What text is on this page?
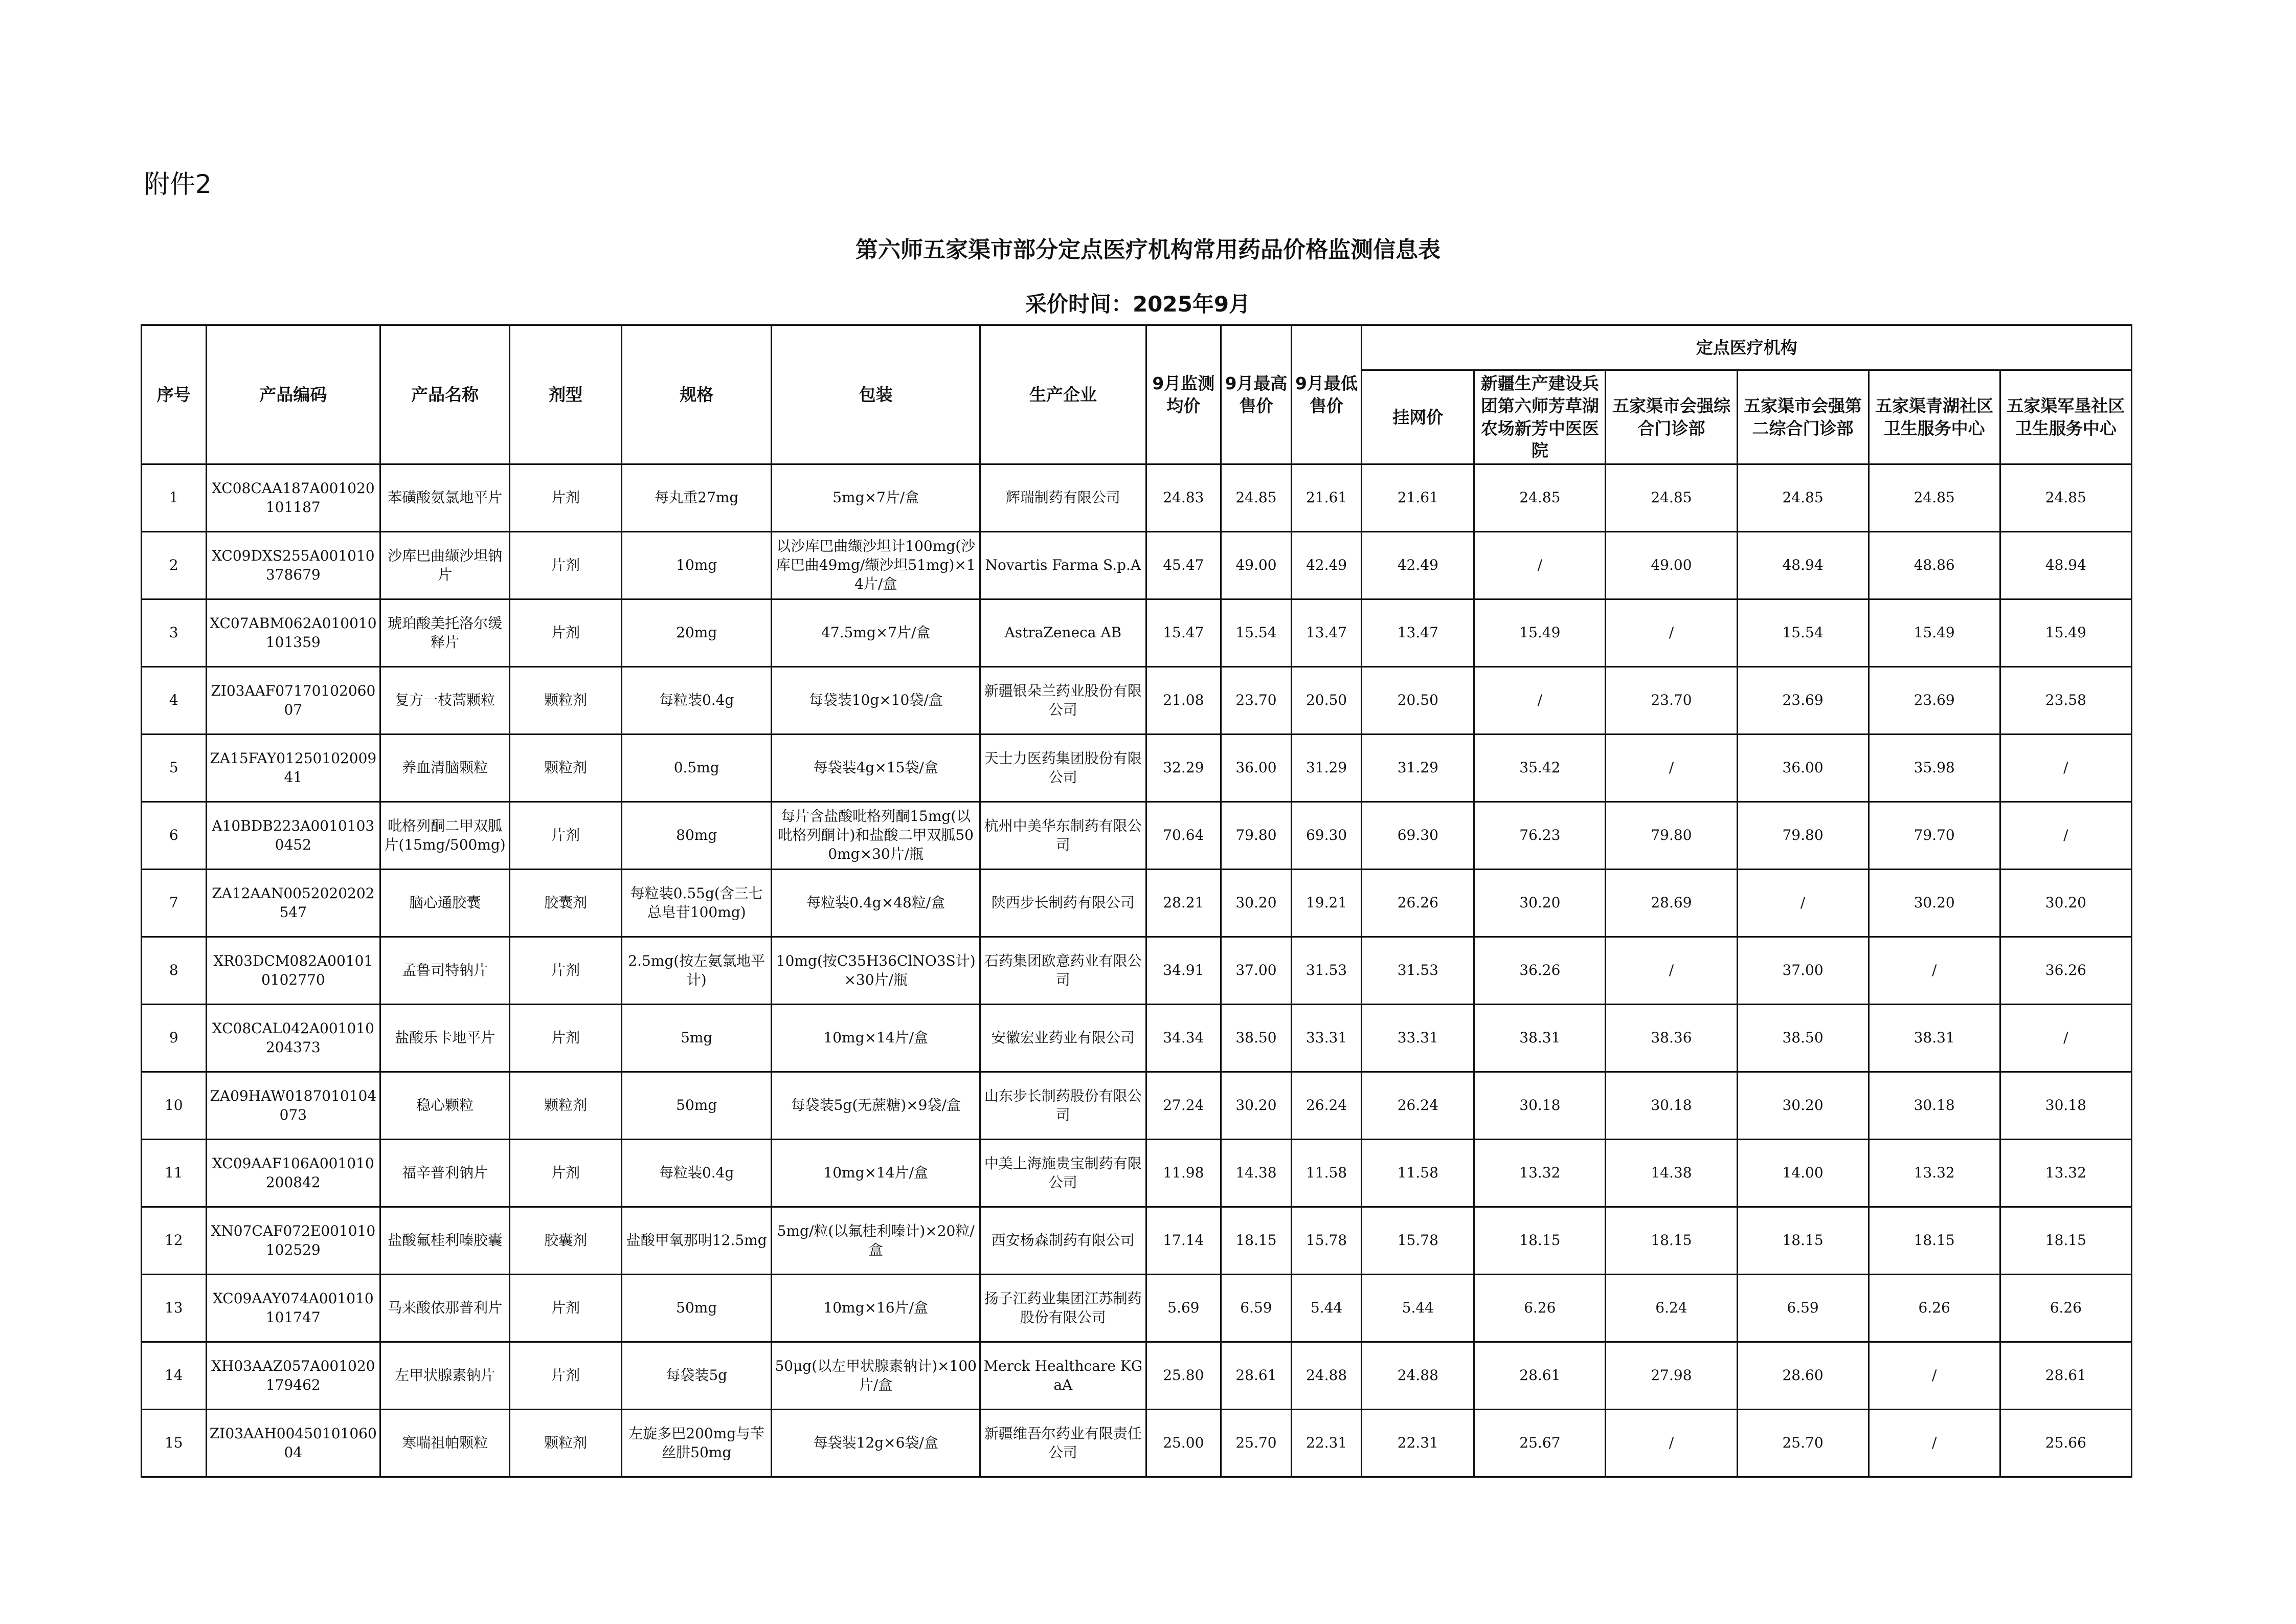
附件2
第六师五家渠市部分定点医疗机构常用药品价格监测信息表
采价时间：2025年9月
序号	产品编码	产品名称	剂型	规格	包装	生产企业	9月监测均价	9月最高售价	9月最低售价	定点医疗机构					
										挂网价	新疆生产建设兵团第六师芳草湖农场新芳中医医院	五家渠市会强综合门诊部	五家渠市会强第二综合门诊部	五家渠青湖社区卫生服务中心	五家渠军垦社区卫生服务中心
1	XC08CAA187A001020101187	苯磺酸氨氯地平片	片剂	每丸重27mg	5mg×7片/盒	辉瑞制药有限公司	24.83	24.85	21.61	21.61	24.85	24.85	24.85	24.85	24.85
2	XC09DXS255A001010378679	沙库巴曲缬沙坦钠片	片剂	10mg	以沙库巴曲缬沙坦计100mg(沙库巴曲49mg/缬沙坦51mg)×14片/盒	Novartis Farma S.p.A	45.47	49.00	42.49	42.49	/	49.00	48.94	48.86	48.94
3	XC07ABM062A010010101359	琥珀酸美托洛尔缓释片	片剂	20mg	47.5mg×7片/盒	AstraZeneca AB	15.47	15.54	13.47	13.47	15.49	/	15.54	15.49	15.49
4	ZI03AAF0717010206007	复方一枝蒿颗粒	颗粒剂	每粒装0.4g	每袋装10g×10袋/盒	新疆银朵兰药业股份有限公司	21.08	23.70	20.50	20.50	/	23.70	23.69	23.69	23.58
5	ZA15FAY0125010200941	养血清脑颗粒	颗粒剂	0.5mg	每袋装4g×15袋/盒	天士力医药集团股份有限公司	32.29	36.00	31.29	31.29	35.42	/	36.00	35.98	/
6	A10BDB223A00101030452	吡格列酮二甲双胍片(15mg/500mg)	片剂	80mg	每片含盐酸吡格列酮15mg(以吡格列酮计)和盐酸二甲双胍500mg×30片/瓶	杭州中美华东制药有限公司	70.64	79.80	69.30	69.30	76.23	79.80	79.80	79.70	/
7	ZA12AAN0052020202547	脑心通胶囊	胶囊剂	每粒装0.55g(含三七总皂苷100mg)	每粒装0.4g×48粒/盒	陕西步长制药有限公司	28.21	30.20	19.21	26.26	30.20	28.69	/	30.20	30.20
8	XR03DCM082A001010102770	孟鲁司特钠片	片剂	2.5mg(按左氨氯地平计)	10mg(按C35H36ClNO3S计)×30片/瓶	石药集团欧意药业有限公司	34.91	37.00	31.53	31.53	36.26	/	37.00	/	36.26
9	XC08CAL042A001010204373	盐酸乐卡地平片	片剂	5mg	10mg×14片/盒	安徽宏业药业有限公司	34.34	38.50	33.31	33.31	38.31	38.36	38.50	38.31	/
10	ZA09HAW0187010104073	稳心颗粒	颗粒剂	50mg	每袋装5g(无蔗糖)×9袋/盒	山东步长制药股份有限公司	27.24	30.20	26.24	26.24	30.18	30.18	30.20	30.18	30.18
11	XC09AAF106A001010200842	福辛普利钠片	片剂	每粒装0.4g	10mg×14片/盒	中美上海施贵宝制药有限公司	11.98	14.38	11.58	11.58	13.32	14.38	14.00	13.32	13.32
12	XN07CAF072E001010102529	盐酸氟桂利嗪胶囊	胶囊剂	盐酸甲氧那明12.5mg	5mg/粒(以氟桂利嗪计)×20粒/盒	西安杨森制药有限公司	17.14	18.15	15.78	15.78	18.15	18.15	18.15	18.15	18.15
13	XC09AAY074A001010101747	马来酸依那普利片	片剂	50mg	10mg×16片/盒	扬子江药业集团江苏制药股份有限公司	5.69	6.59	5.44	5.44	6.26	6.24	6.59	6.26	6.26
14	XH03AAZ057A001020179462	左甲状腺素钠片	片剂	每袋装5g	50μg(以左甲状腺素钠计)×100片/盒	Merck Healthcare KGaA	25.80	28.61	24.88	24.88	28.61	27.98	28.60	/	28.61
15	ZI03AAH0045010106004	寒喘祖帕颗粒	颗粒剂	左旋多巴200mg与苄丝肼50mg	每袋装12g×6袋/盒	新疆维吾尔药业有限责任公司	25.00	25.70	22.31	22.31	25.67	/	25.70	/	25.66
